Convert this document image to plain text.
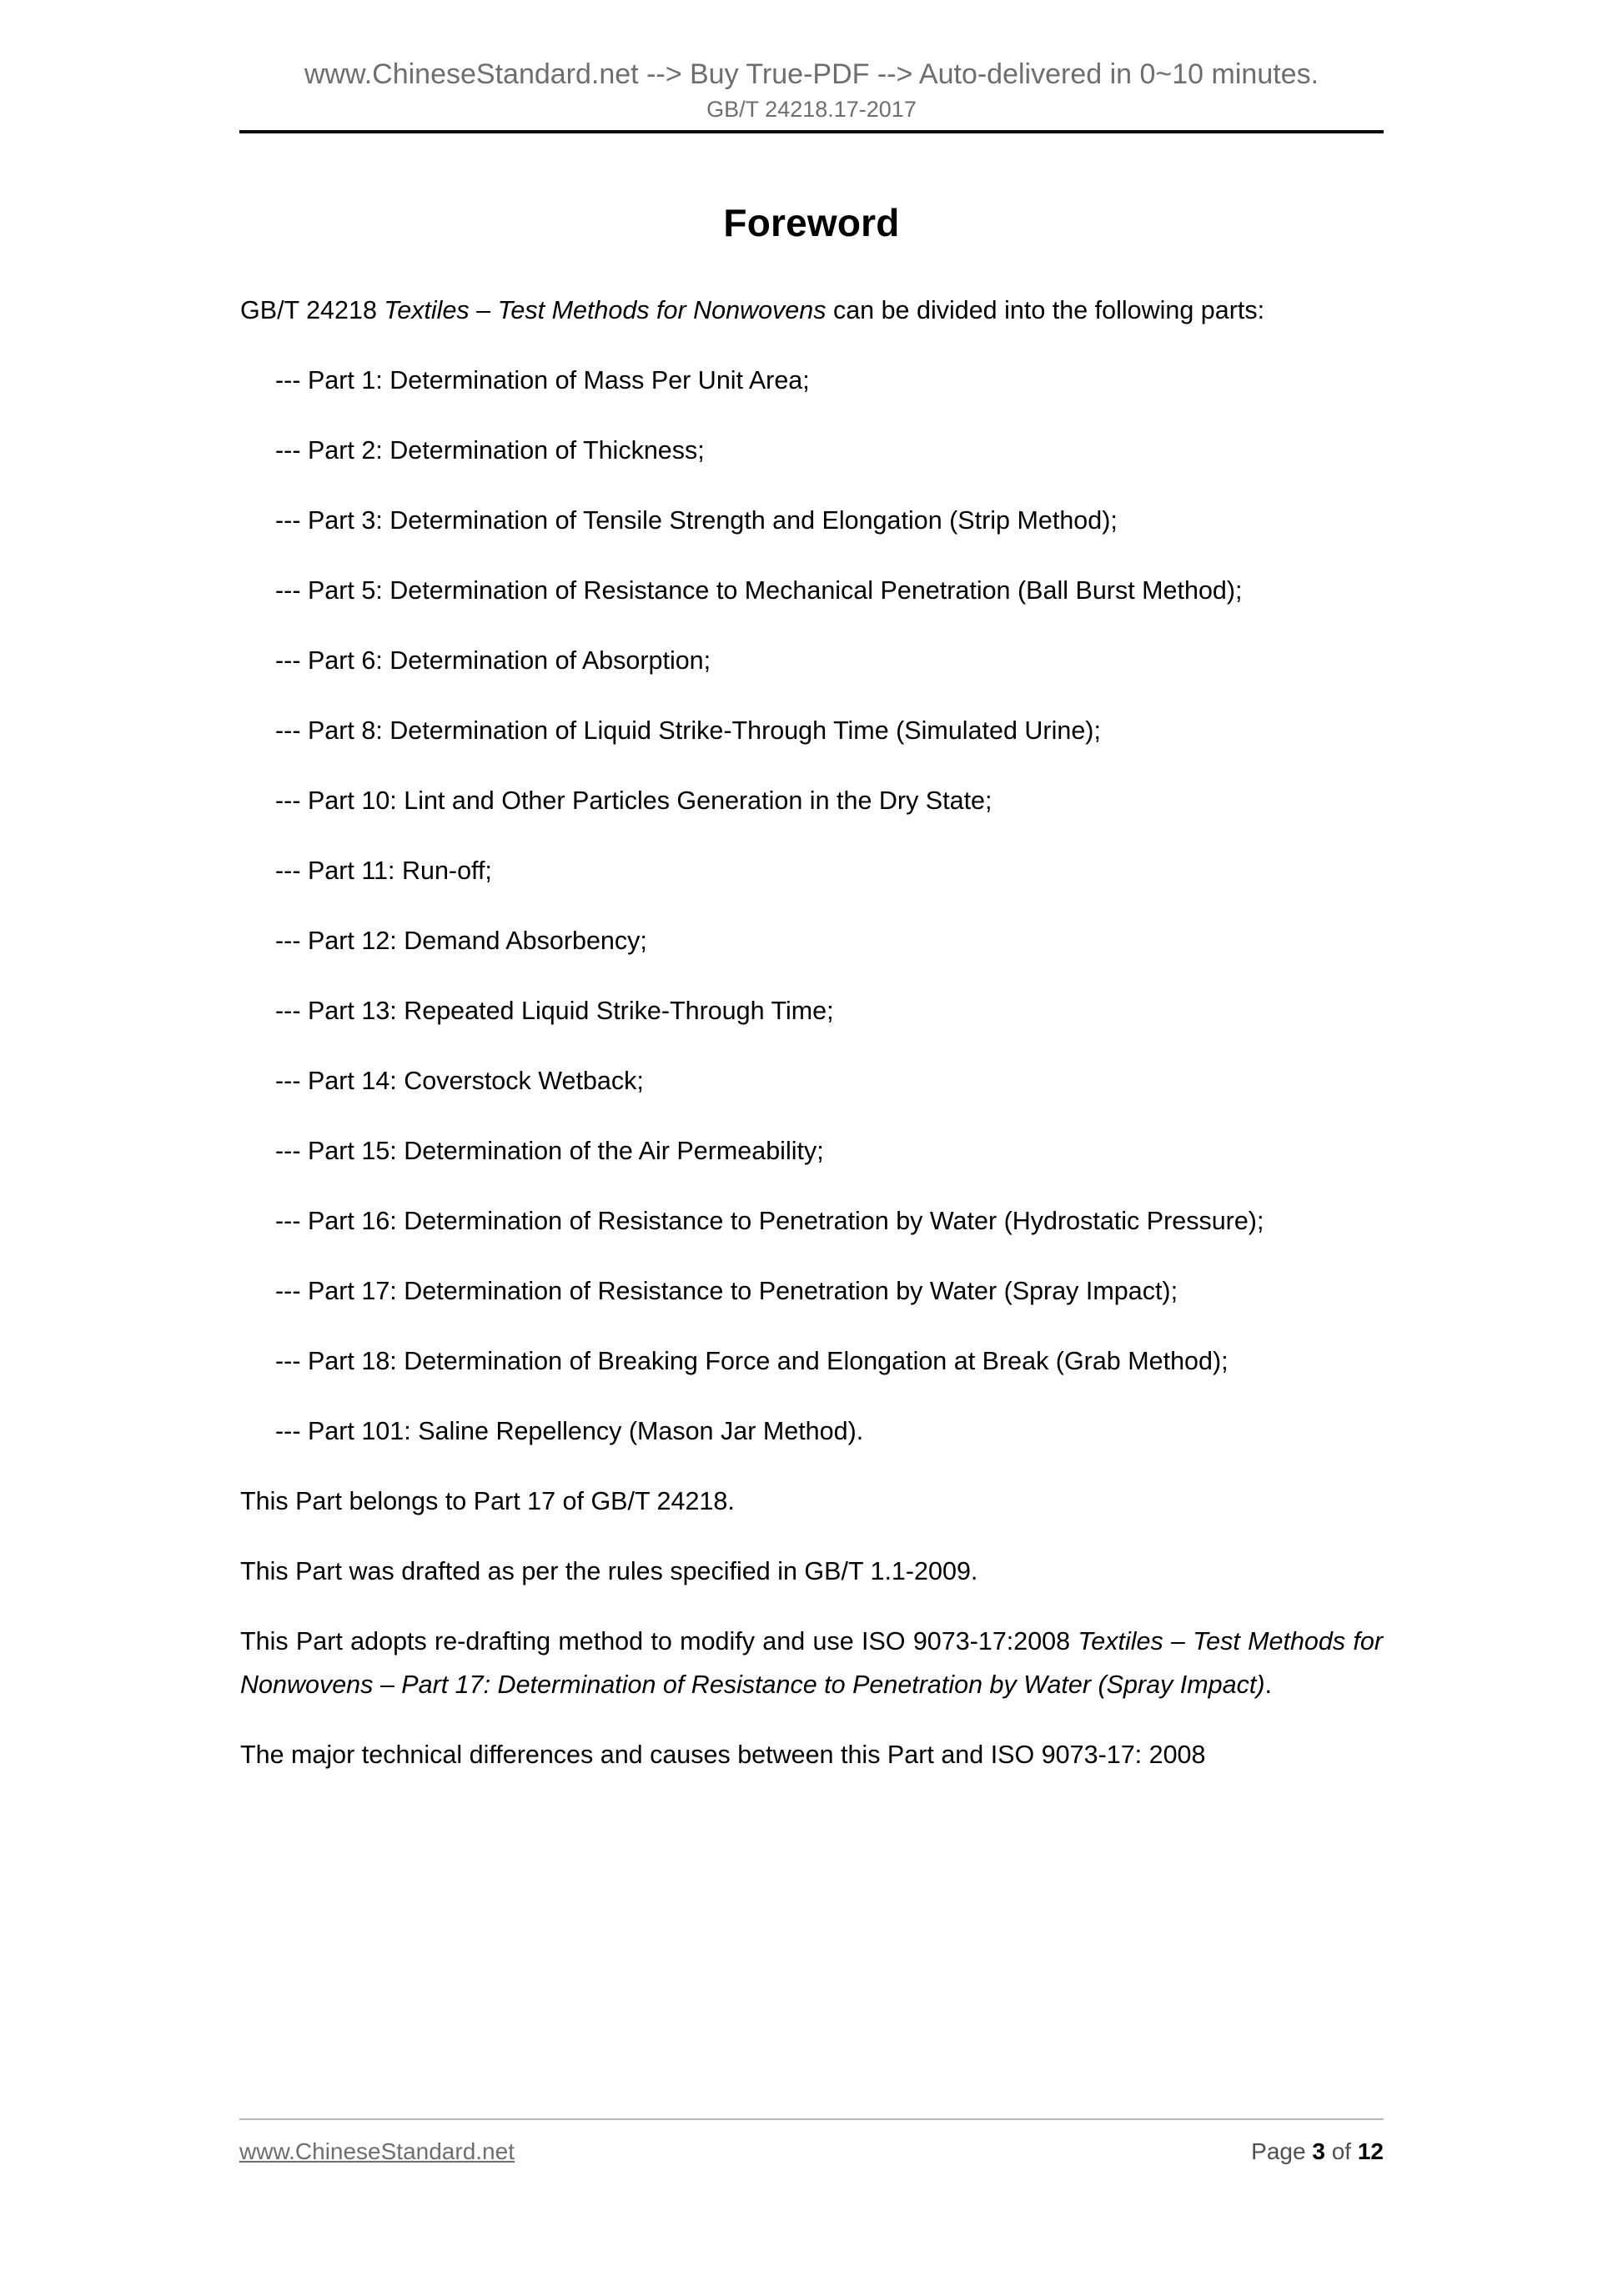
www.ChineseStandard.net --> Buy True-PDF --> Auto-delivered in 0~10 minutes.
GB/T 24218.17-2017
Foreword

GB/T 24218 Textiles – Test Methods for Nonwovens can be divided into the following parts:

--- Part 1: Determination of Mass Per Unit Area;
--- Part 2: Determination of Thickness;
--- Part 3: Determination of Tensile Strength and Elongation (Strip Method);
--- Part 5: Determination of Resistance to Mechanical Penetration (Ball Burst Method);
--- Part 6: Determination of Absorption;
--- Part 8: Determination of Liquid Strike-Through Time (Simulated Urine);
--- Part 10: Lint and Other Particles Generation in the Dry State;
--- Part 11: Run-off;
--- Part 12: Demand Absorbency;
--- Part 13: Repeated Liquid Strike-Through Time;
--- Part 14: Coverstock Wetback;
--- Part 15: Determination of the Air Permeability;
--- Part 16: Determination of Resistance to Penetration by Water (Hydrostatic Pressure);
--- Part 17: Determination of Resistance to Penetration by Water (Spray Impact);
--- Part 18: Determination of Breaking Force and Elongation at Break (Grab Method);
--- Part 101: Saline Repellency (Mason Jar Method).

This Part belongs to Part 17 of GB/T 24218.

This Part was drafted as per the rules specified in GB/T 1.1-2009.

This Part adopts re-drafting method to modify and use ISO 9073-17:2008 Textiles – Test Methods for Nonwovens – Part 17: Determination of Resistance to Penetration by Water (Spray Impact).

The major technical differences and causes between this Part and ISO 9073-17: 2008

www.ChineseStandard.net	Page 3 of 12
